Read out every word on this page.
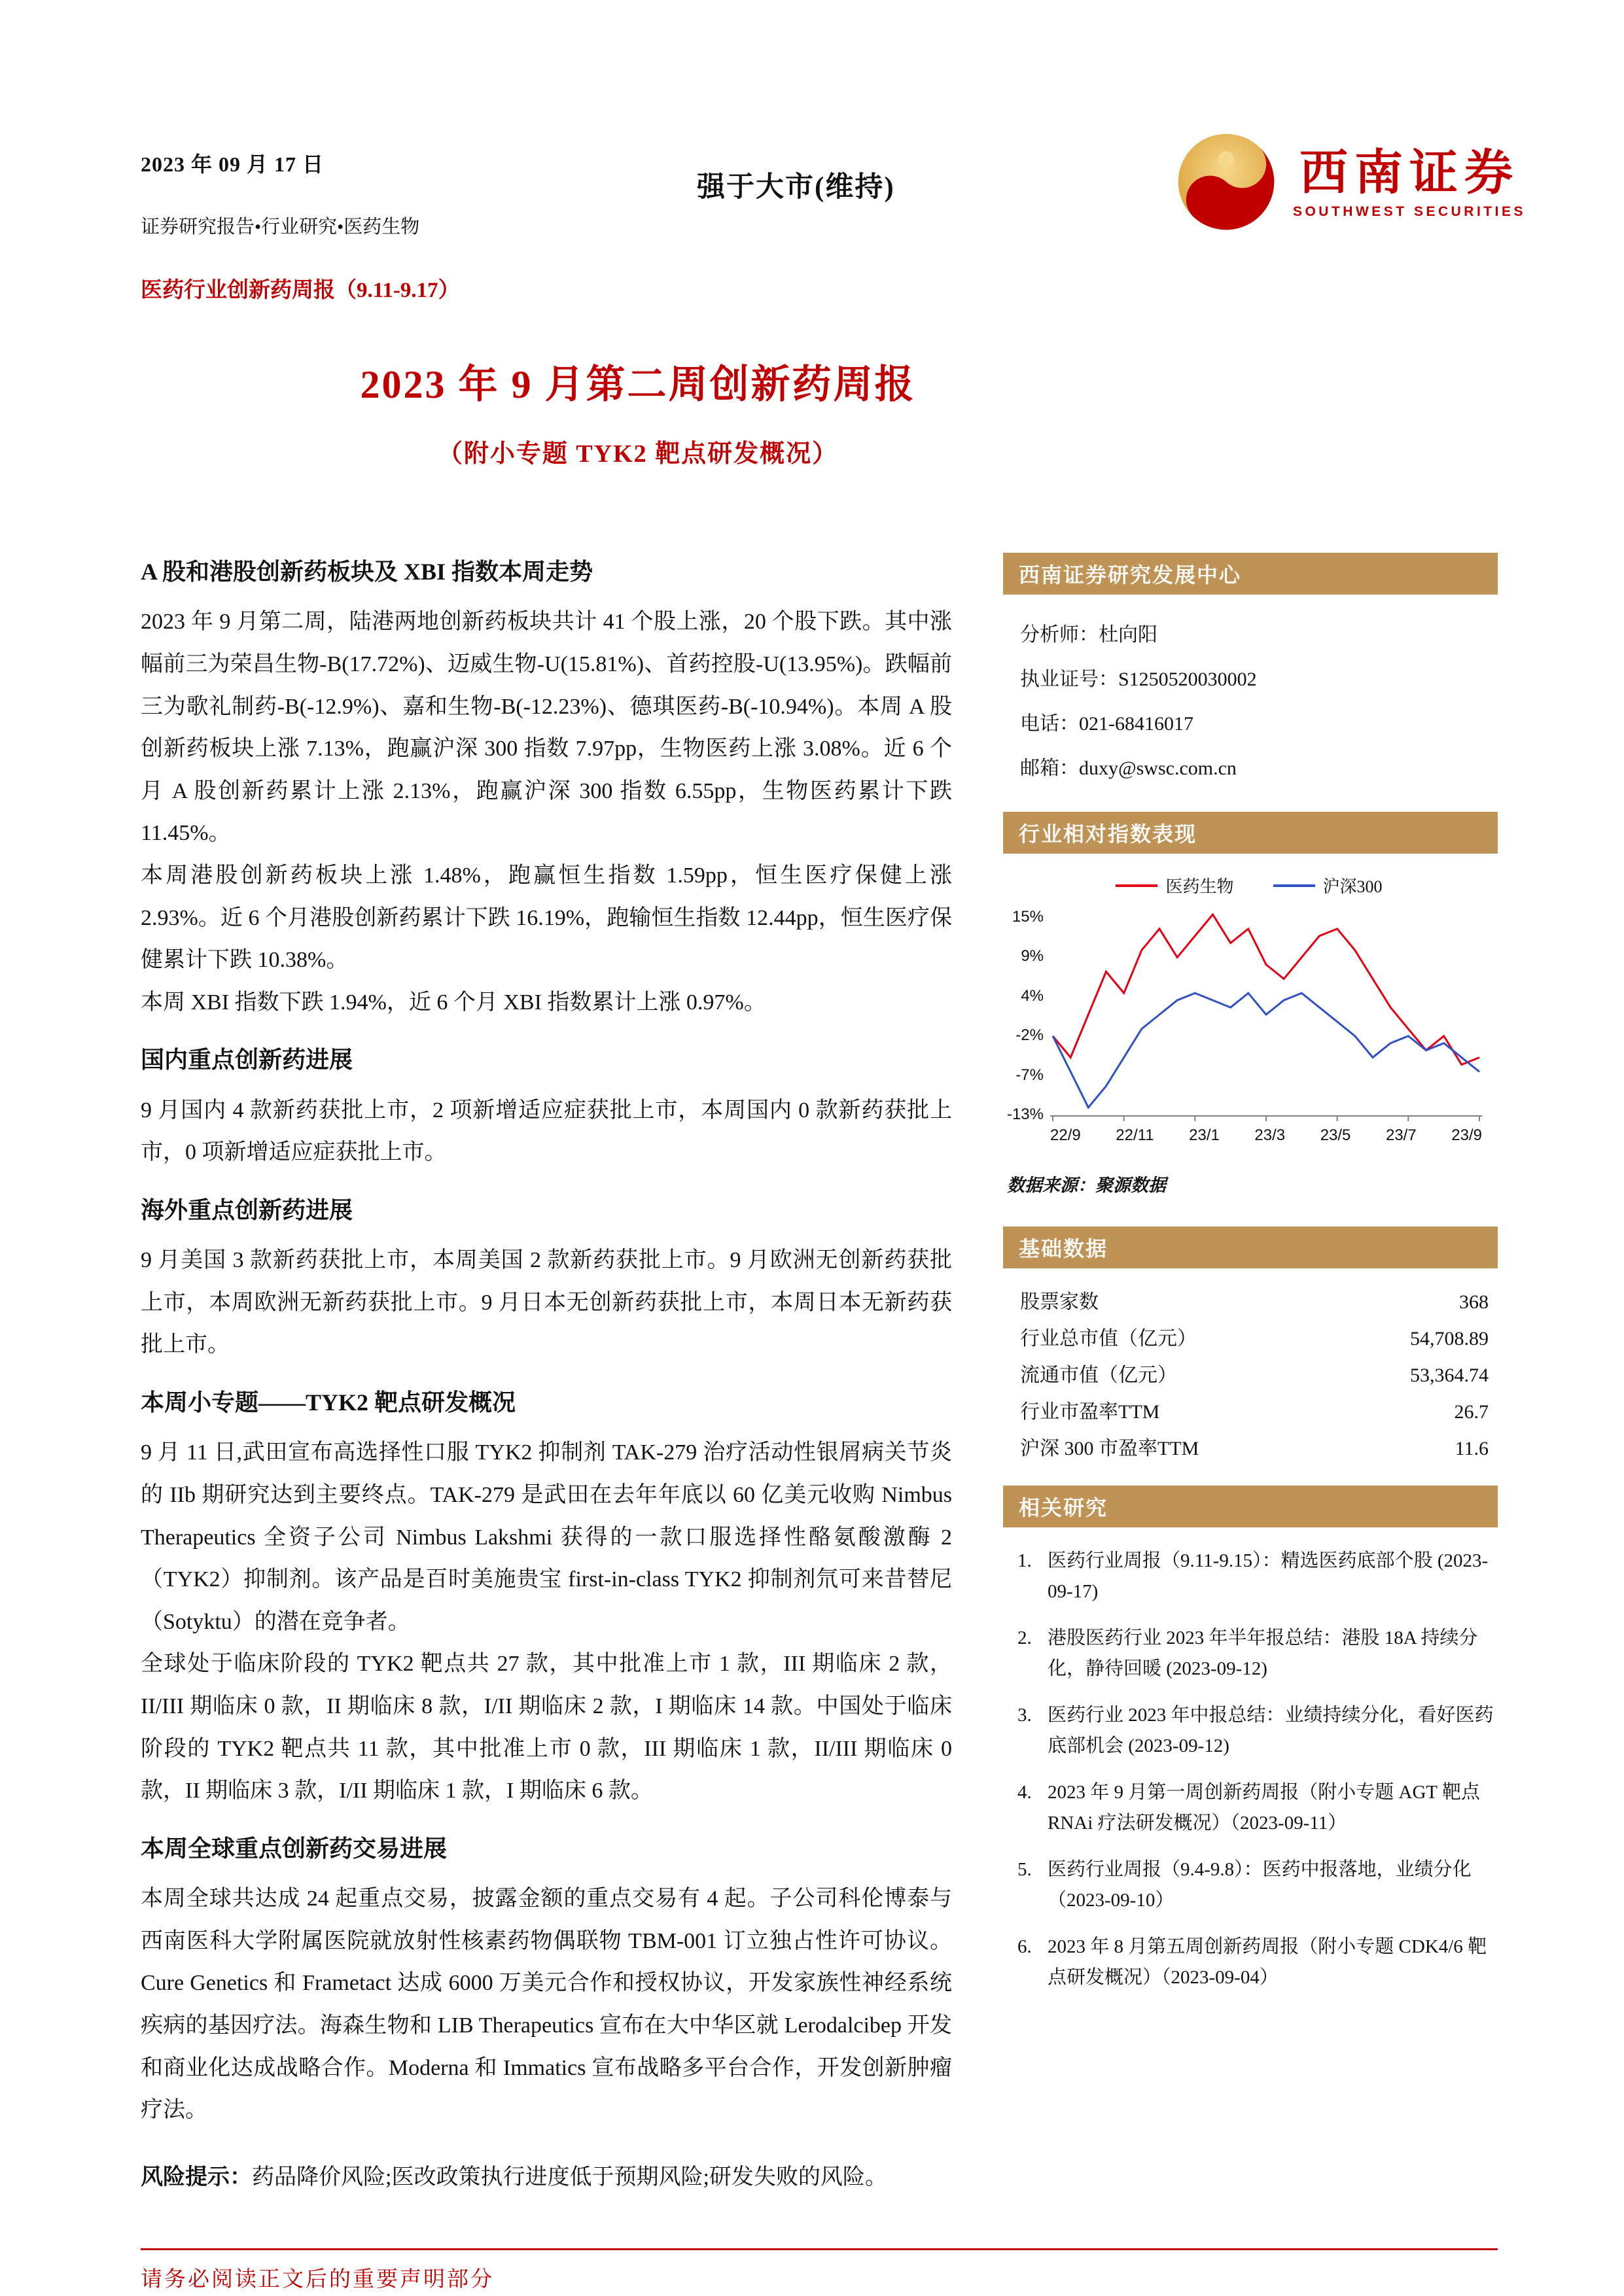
2023 年 09 月 17 日
证券研究报告•行业研究•医药生物
医药行业创新药周报（9.11-9.17）
强于大市(维持)	西南证券
SOUTHWEST SECURITIES
2023 年 9 月第二周创新药周报
（附小专题 TYK2 靶点研发概况）
A 股和港股创新药板块及 XBI 指数本周走势

2023 年 9 月第二周，陆港两地创新药板块共计 41 个股上涨，20 个股下跌。其中涨幅前三为荣昌生物-B(17.72%)、迈威生物-U(15.81%)、首药控股-U(13.95%)。跌幅前三为歌礼制药-B(-12.9%)、嘉和生物-B(-12.23%)、德琪医药-B(-10.94%)。本周 A 股创新药板块上涨 7.13%，跑赢沪深 300 指数 7.97pp，生物医药上涨 3.08%。近 6 个月 A 股创新药累计上涨 2.13%，跑赢沪深 300 指数 6.55pp，生物医药累计下跌 11.45%。

本周港股创新药板块上涨 1.48%，跑赢恒生指数 1.59pp，恒生医疗保健上涨 2.93%。近 6 个月港股创新药累计下跌 16.19%，跑输恒生指数 12.44pp，恒生医疗保健累计下跌 10.38%。

本周 XBI 指数下跌 1.94%，近 6 个月 XBI 指数累计上涨 0.97%。

国内重点创新药进展

9 月国内 4 款新药获批上市，2 项新增适应症获批上市，本周国内 0 款新药获批上市，0 项新增适应症获批上市。

海外重点创新药进展

9 月美国 3 款新药获批上市，本周美国 2 款新药获批上市。9 月欧洲无创新药获批上市，本周欧洲无新药获批上市。9 月日本无创新药获批上市，本周日本无新药获批上市。

本周小专题——TYK2 靶点研发概况

9 月 11 日,武田宣布高选择性口服 TYK2 抑制剂 TAK-279 治疗活动性银屑病关节炎的 IIb 期研究达到主要终点。TAK-279 是武田在去年年底以 60 亿美元收购 Nimbus Therapeutics 全资子公司 Nimbus Lakshmi 获得的一款口服选择性酪氨酸激酶 2（TYK2）抑制剂。该产品是百时美施贵宝 first-in-class TYK2 抑制剂氘可来昔替尼（Sotyktu）的潜在竞争者。

全球处于临床阶段的 TYK2 靶点共 27 款，其中批准上市 1 款，III 期临床 2 款，II/III 期临床 0 款，II 期临床 8 款，I/II 期临床 2 款，I 期临床 14 款。中国处于临床阶段的 TYK2 靶点共 11 款，其中批准上市 0 款，III 期临床 1 款，II/III 期临床 0 款，II 期临床 3 款，I/II 期临床 1 款，I 期临床 6 款。

本周全球重点创新药交易进展

本周全球共达成 24 起重点交易，披露金额的重点交易有 4 起。子公司科伦博泰与西南医科大学附属医院就放射性核素药物偶联物 TBM-001 订立独占性许可协议。Cure Genetics 和 Frametact 达成 6000 万美元合作和授权协议，开发家族性神经系统疾病的基因疗法。海森生物和 LIB Therapeutics 宣布在大中华区就 Lerodalcibep 开发和商业化达成战略合作。Moderna 和 Immatics 宣布战略多平台合作，开发创新肿瘤疗法。

风险提示：药品降价风险;医改政策执行进度低于预期风险;研发失败的风险。
西南证券研究发展中心
分析师：杜向阳
执业证号：S1250520030002
电话：021-68416017
邮箱：duxy@swsc.com.cn
行业相对指数表现
医药生物	沪深300
15%
9%
4%
-2%
-7%
-13%
22/9 22/11 23/1 23/3 23/5 23/7 23/9
数据来源：聚源数据
基础数据
股票家数	368
行业总市值（亿元）	54,708.89
流通市值（亿元）	53,364.74
行业市盈率TTM	26.7
沪深 300 市盈率TTM	11.6
相关研究
1. 医药行业周报（9.11-9.15）：精选医药底部个股 (2023-09-17)
2. 港股医药行业 2023 年半年报总结：港股 18A 持续分化，静待回暖 (2023-09-12)
3. 医药行业 2023 年中报总结：业绩持续分化，看好医药底部机会 (2023-09-12)
4. 2023 年 9 月第一周创新药周报（附小专题 AGT 靶点 RNAi 疗法研发概况）（2023-09-11）
5. 医药行业周报（9.4-9.8）：医药中报落地，业绩分化（2023-09-10）
6. 2023 年 8 月第五周创新药周报（附小专题 CDK4/6 靶点研发概况）（2023-09-04）
请务必阅读正文后的重要声明部分
